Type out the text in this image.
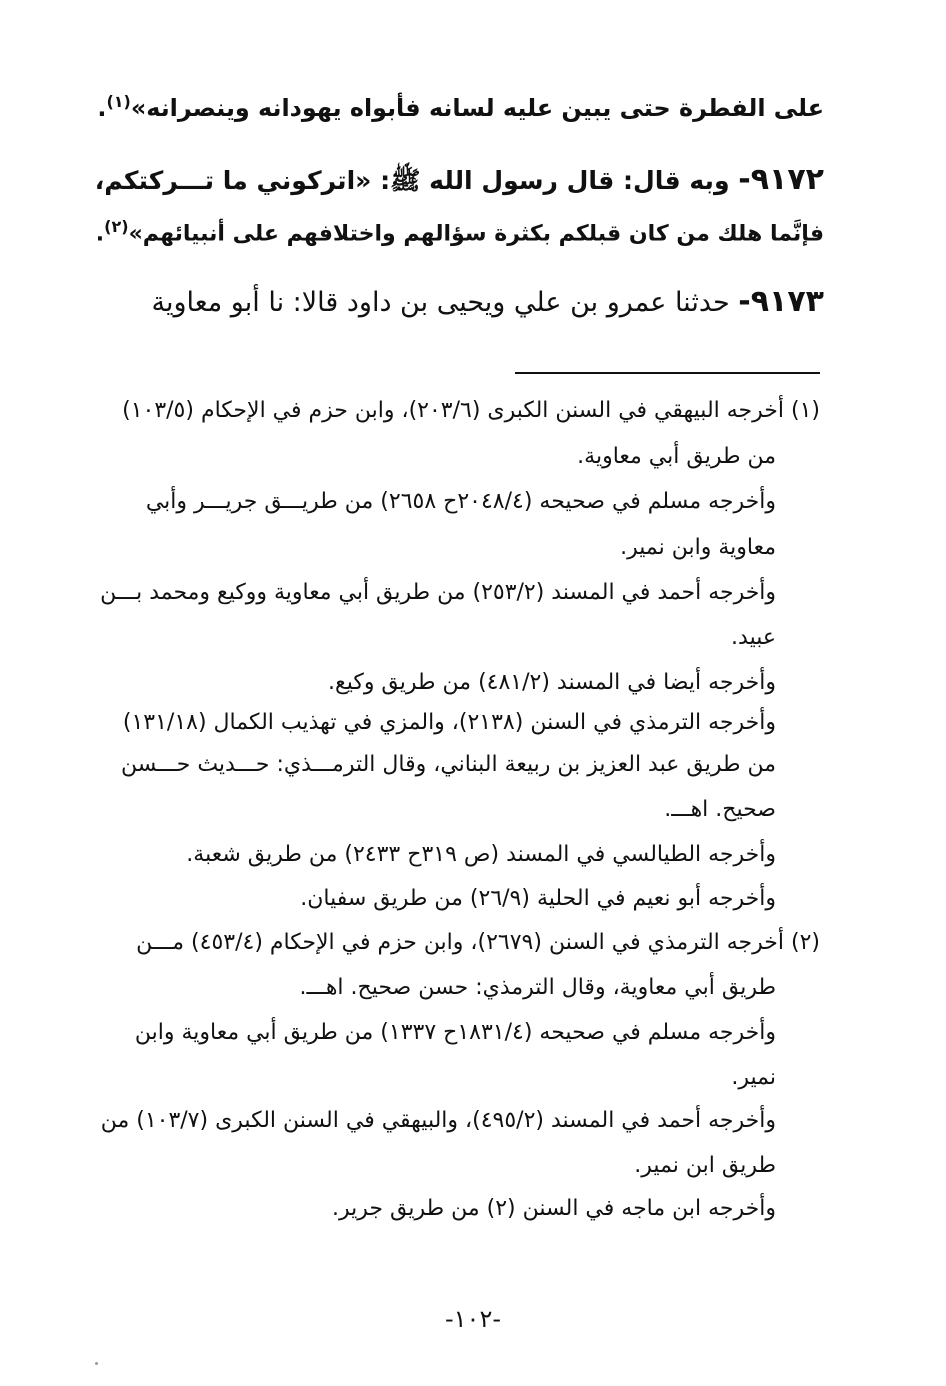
على الفطرة حتى يبين عليه لسانه فأبواه يهودانه وينصرانه»$^{(١)}$.
٩١٧٢- وبه قال: قال رسول الله ﷺ: «اتركوني ما تـــركتكم،
فإنَّما هلك من كان قبلكم بكثرة سؤالهم واختلافهم على أنبيائهم»$^{(٢)}$.
٩١٧٣- حدثنا عمرو بن علي ويحيى بن داود قالا: نا أبو معاوية
(١) أخرجه البيهقي في السنن الكبرى (٢٠٣/٦)، وابن حزم في الإحكام (١٠٣/٥)
من طريق أبي معاوية.
وأخرجه مسلم في صحيحه (٢٠٤٨/٤ح ٢٦٥٨) من طريـــق جريـــر وأبي
معاوية وابن نمير.
وأخرجه أحمد في المسند (٢٥٣/٢) من طريق أبي معاوية ووكيع ومحمد بـــن
عبيد.
وأخرجه أيضا في المسند (٤٨١/٢) من طريق وكيع.
وأخرجه الترمذي في السنن (٢١٣٨)، والمزي في تهذيب الكمال (١٣١/١٨)
من طريق عبد العزيز بن ربيعة البناني، وقال الترمـــذي: حـــديث حـــسن
صحيح. اهـــ.
وأخرجه الطيالسي في المسند (ص ٣١٩ح ٢٤٣٣) من طريق شعبة.
وأخرجه أبو نعيم في الحلية (٢٦/٩) من طريق سفيان.
(٢) أخرجه الترمذي في السنن (٢٦٧٩)، وابن حزم في الإحكام (٤٥٣/٤) مـــن
طريق أبي معاوية، وقال الترمذي: حسن صحيح. اهـــ.
وأخرجه مسلم في صحيحه (١٨٣١/٤ح ١٣٣٧) من طريق أبي معاوية وابن
نمير.
وأخرجه أحمد في المسند (٤٩٥/٢)، والبيهقي في السنن الكبرى (١٠٣/٧) من
طريق ابن نمير.
وأخرجه ابن ماجه في السنن (٢) من طريق جرير.
-١٠٢-
